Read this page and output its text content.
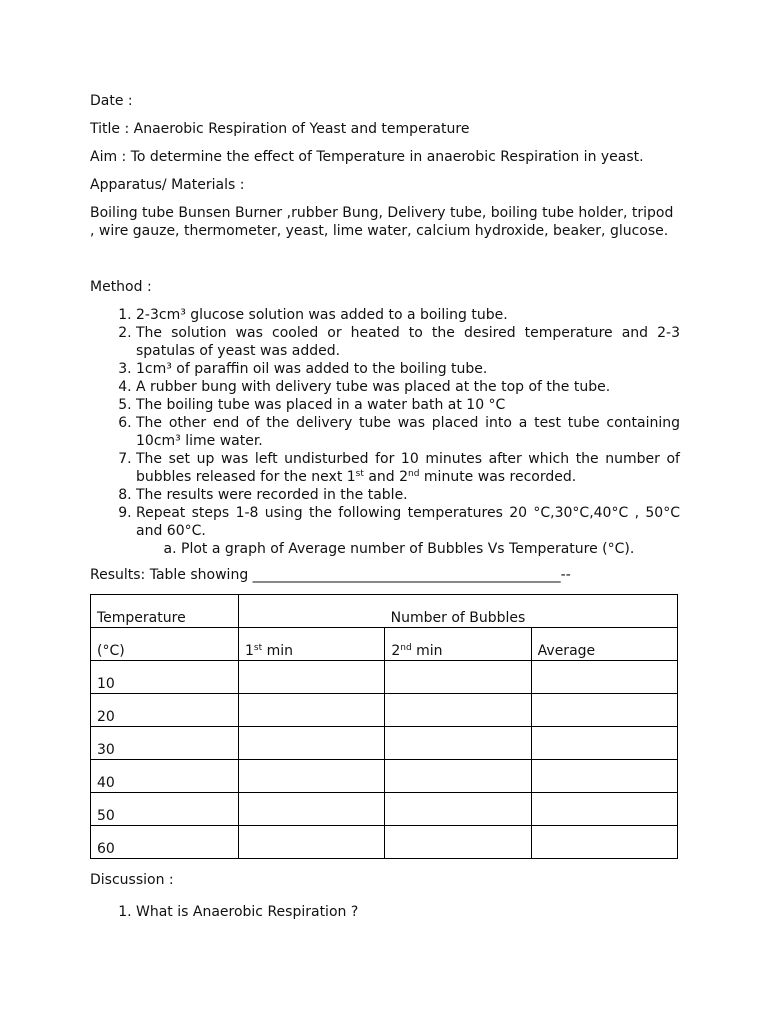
Date :

Title : Anaerobic Respiration of Yeast and temperature

Aim : To determine the effect of Temperature in anaerobic Respiration in yeast.

Apparatus/ Materials :

Boiling tube Bunsen Burner ,rubber Bung, Delivery tube, boiling tube holder, tripod , wire gauze, thermometer, yeast, lime water, calcium hydroxide, beaker, glucose.

Method :

1. 2-3cm³ glucose solution was added to a boiling tube.
2. The solution was cooled or heated to the desired temperature and 2-3 spatulas of yeast was added.
3. 1cm³ of paraffin oil was added to the boiling tube.
4. A rubber bung with delivery tube was placed at the top of the tube.
5. The boiling tube was placed in a water bath at 10 °C
6. The other end of the delivery tube was placed into a test tube containing 10cm³ lime water.
7. The set up was left undisturbed for 10 minutes after which the number of bubbles released for the next 1st and 2nd minute was recorded.
8. The results were recorded in the table.
9. Repeat steps 1-8 using the following temperatures 20 °C,30°C,40°C , 50°C and 60°C.
a. Plot a graph of Average number of Bubbles Vs Temperature (°C).

Results: Table showing ____________________________________________--

Temperature	Number of Bubbles		
(°C)	1st min	2nd min	Average
10			
20			
30			
40			
50			
60			

Discussion :

1. What is Anaerobic Respiration ?
